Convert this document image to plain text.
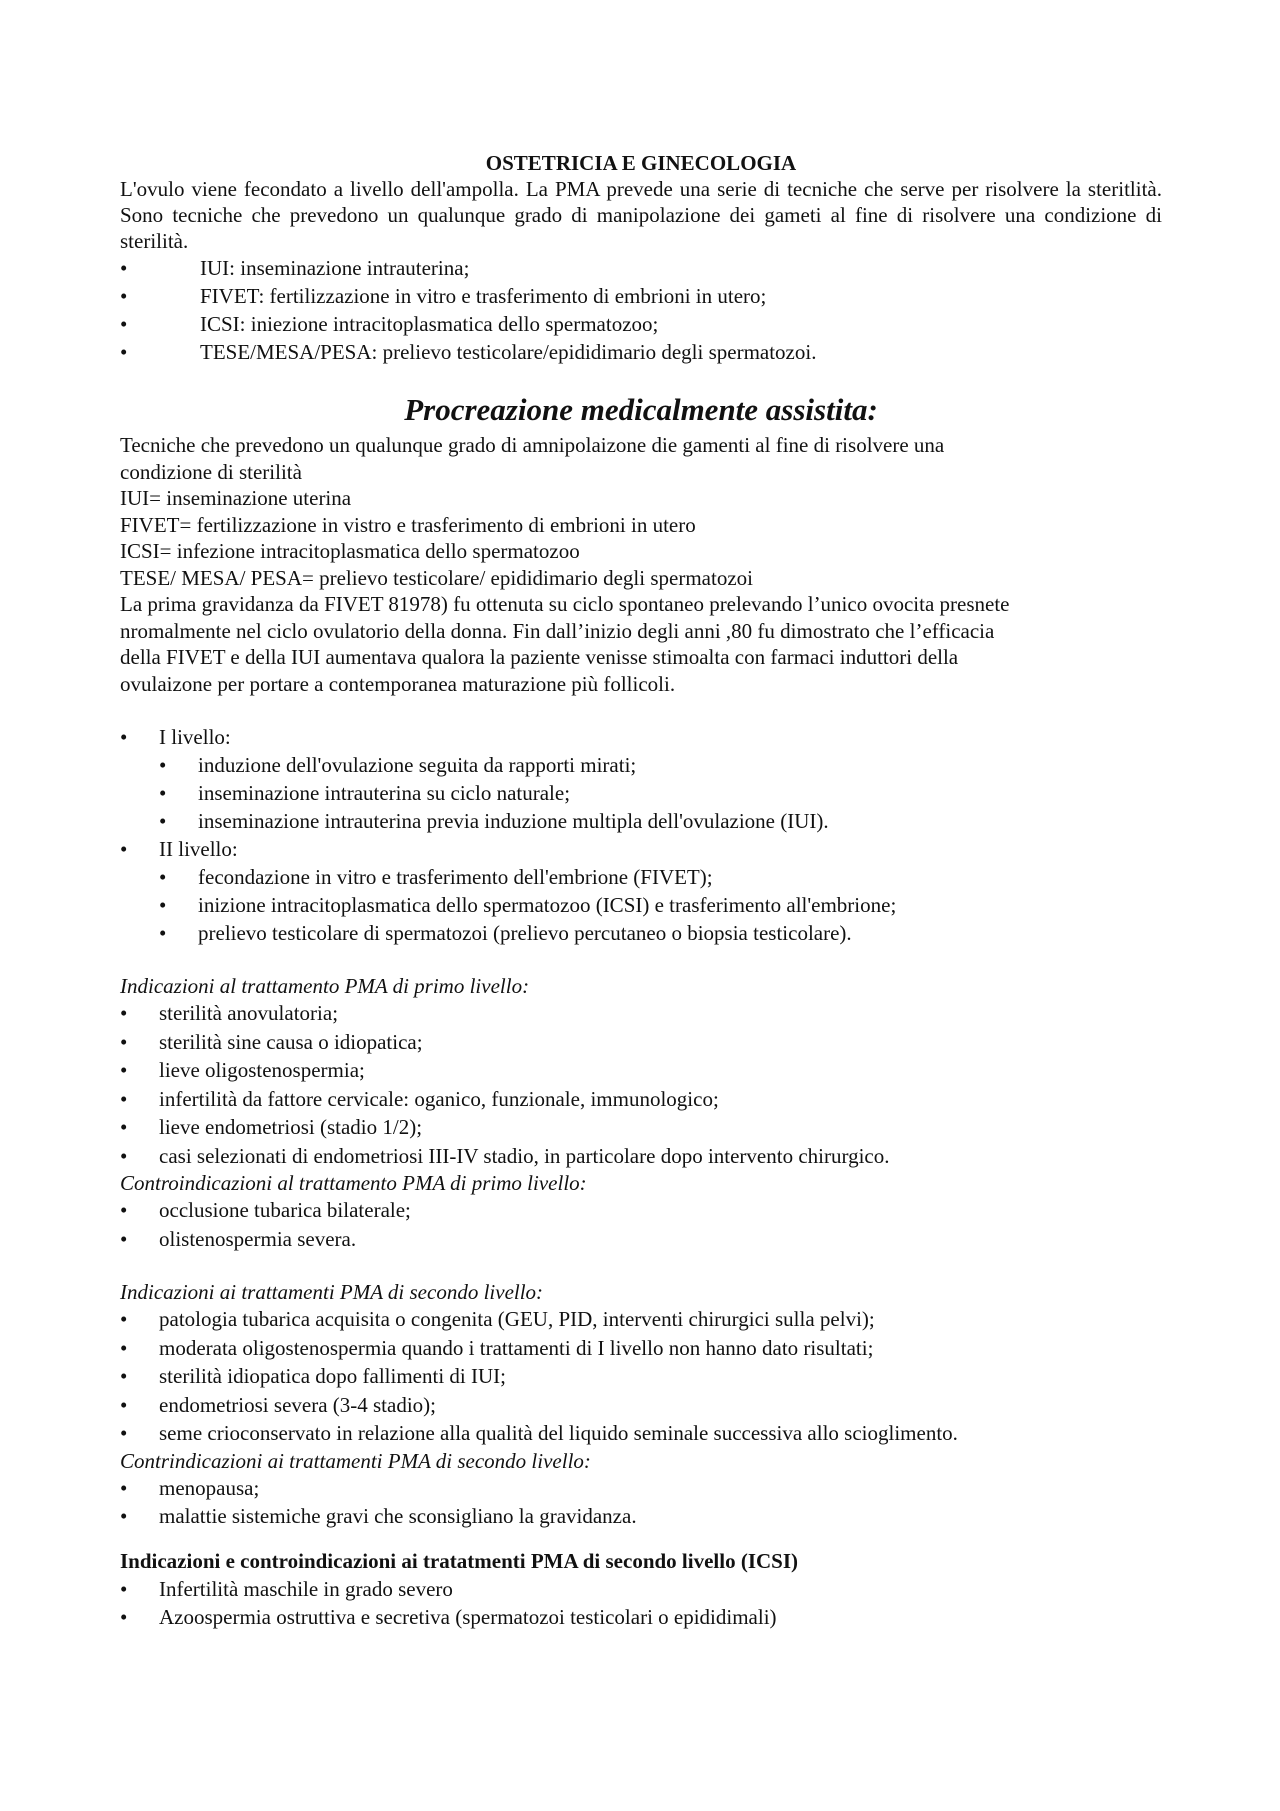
OSTETRICIA E GINECOLOGIA

L'ovulo viene fecondato a livello dell'ampolla. La PMA prevede una serie di tecniche che serve per risolvere la steritlità. Sono tecniche che prevedono un qualunque grado di manipolazione dei gameti al fine di risolvere una condizione di sterilità.

•	IUI: inseminazione intrauterina;
•	FIVET: fertilizzazione in vitro e trasferimento di embrioni in utero;
•	ICSI: iniezione intracitoplasmatica dello spermatozoo;
•	TESE/MESA/PESA: prelievo testicolare/epididimario degli spermatozoi.
Procreazione medicalmente assistita:

Tecniche che prevedono un qualunque grado di amnipolaizone die gamenti al fine di risolvere una

condizione di sterilità

IUI= inseminazione uterina

FIVET= fertilizzazione in vistro e trasferimento di embrioni in utero

ICSI= infezione intracitoplasmatica dello spermatozoo

TESE/ MESA/ PESA= prelievo testicolare/ epididimario degli spermatozoi

La prima gravidanza da FIVET 81978) fu ottenuta su ciclo spontaneo prelevando l’unico ovocita presnete

nromalmente nel ciclo ovulatorio della donna. Fin dall’inizio degli anni ,80 fu dimostrato che l’efficacia

della FIVET e della IUI aumentava qualora la paziente venisse stimoalta con farmaci induttori della

ovulaizone per portare a contemporanea maturazione più follicoli.

• I livello:
• induzione dell'ovulazione seguita da rapporti mirati;
• inseminazione intrauterina su ciclo naturale;
• inseminazione intrauterina previa induzione multipla dell'ovulazione (IUI).
• II livello:
• fecondazione in vitro e trasferimento dell'embrione (FIVET);
• inizione intracitoplasmatica dello spermatozoo (ICSI) e trasferimento all'embrione;
• prelievo testicolare di spermatozoi (prelievo percutaneo o biopsia testicolare).

Indicazioni al trattamento PMA di primo livello:

• sterilità anovulatoria;
• sterilità sine causa o idiopatica;
• lieve oligostenospermia;
• infertilità da fattore cervicale: oganico, funzionale, immunologico;
• lieve endometriosi (stadio 1/2);
• casi selezionati di endometriosi III-IV stadio, in particolare dopo intervento chirurgico.

Controindicazioni al trattamento PMA di primo livello:

• occlusione tubarica bilaterale;
• olistenospermia severa.

Indicazioni ai trattamenti PMA di secondo livello:

• patologia tubarica acquisita o congenita (GEU, PID, interventi chirurgici sulla pelvi);
• moderata oligostenospermia quando i trattamenti di I livello non hanno dato risultati;
• sterilità idiopatica dopo fallimenti di IUI;
• endometriosi severa (3-4 stadio);
• seme crioconservato in relazione alla qualità del liquido seminale successiva allo scioglimento.

Contrindicazioni ai trattamenti PMA di secondo livello:

• menopausa;
• malattie sistemiche gravi che sconsigliano la gravidanza.

Indicazioni e controindicazioni ai tratatmenti PMA di secondo livello (ICSI)

• Infertilità maschile in grado severo
• Azoospermia ostruttiva e secretiva (spermatozoi testicolari o epididimali)
